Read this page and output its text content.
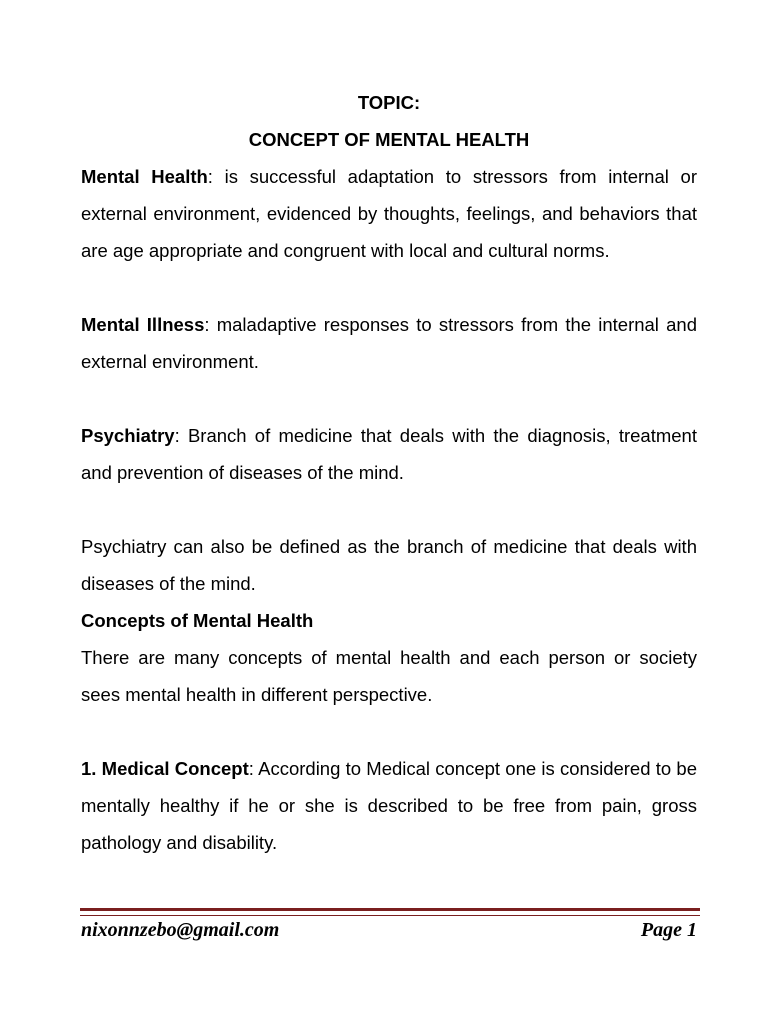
TOPIC:
CONCEPT OF MENTAL HEALTH

Mental Health: is successful adaptation to stressors from internal or external environment, evidenced by thoughts, feelings, and behaviors that are age appropriate and congruent with local and cultural norms.

Mental Illness: maladaptive responses to stressors from the internal and external environment.

Psychiatry: Branch of medicine that deals with the diagnosis, treatment and prevention of diseases of the mind.

Psychiatry can also be defined as the branch of medicine that deals with diseases of the mind.

Concepts of Mental Health

There are many concepts of mental health and each person or society sees mental health in different perspective.

1. Medical Concept: According to Medical concept one is considered to be mentally healthy if he or she is described to be free from pain, gross pathology and disability.

nixonnzebo@gmail.com	Page 1
